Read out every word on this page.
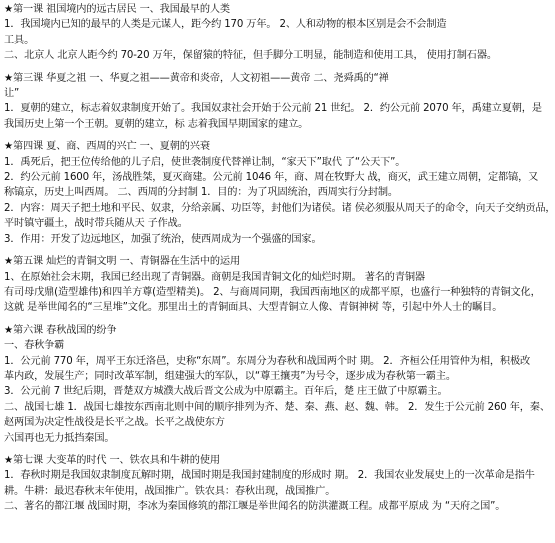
★第一课 祖国境内的远古居民 一、我国最早的人类
1．我国境内已知的最早的人类是元谋人，距今约 170 万年。 2、人和动物的根本区别是会不会制造
工具。
二、北京人 北京人距今约 70-20 万年，保留猿的特征，但手脚分工明显，能制造和使用工具， 使用打制石器。
★第三课 华夏之祖 一、华夏之祖——黄帝和炎帝，人文初祖——黄帝 二、尧舜禹的“禅
让”
1．夏朝的建立，标志着奴隶制度开始了。我国奴隶社会开始于公元前 21 世纪。 2．约公元前 2070 年，禹建立夏朝，是
我国历史上第一个王朝。夏朝的建立，标 志着我国早期国家的建立。
★第四课 夏、商、西周的兴亡 一、夏朝的兴衰
1．禹死后，把王位传给他的儿子启，使世袭制度代替禅让制，“家天下”取代 了“公天下”。
2．约公元前 1600 年，汤战胜桀，夏灭商建。公元前 1046 年，商、周在牧野大 战，商灭，武王建立周朝，定都镐，又
称镐京，历史上叫西周。 二、西周的分封制 1．目的：为了巩固统治，西周实行分封制。
2．内容：周天子把土地和平民、奴隶，分给亲属、功臣等，封他们为诸侯。诸 侯必须服从周天子的命令，向天子交纳贡品，
平时镇守疆土，战时带兵随从天 子作战。
3．作用：开发了边远地区，加强了统治，使西周成为一个强盛的国家。
★第五课 灿烂的青铜文明 一、青铜器在生活中的运用
1、在原始社会末期，我国已经出现了青铜器。商朝是我国青铜文化的灿烂时期。 著名的青铜器
有司母戊鼎(造型雄伟)和四羊方尊(造型精美)。 2、与商周同期，我国西南地区的成都平原，也盛行一种独特的青铜文化，
这就 是举世闻名的“三星堆”文化。那里出土的青铜面具、大型青铜立人像、青铜神树 等，引起中外人士的瞩目。
★第六课 春秋战国的纷争
一、春秋争霸
1．公元前 770 年，周平王东迁洛邑，史称“东周”。东周分为春秋和战国两个时 期。 2．齐桓公任用管仲为相，积极改
革内政，发展生产；同时改革军制，组建强大的军队，以“尊王攘夷”为号令，逐步成为春秋第一霸主。
3．公元前 7 世纪后期，晋楚双方城濮大战后晋文公成为中原霸主。百年后，楚 庄王做了中原霸主。
二、战国七雄 1．战国七雄按东西南北则中间的顺序排列为齐、楚、秦、燕、赵、魏、韩。 2．发生于公元前 260 年，秦、
赵两国为决定性战役是长平之战。长平之战使东方
六国再也无力抵挡秦国。
★第七课 大变革的时代 一、铁农具和牛耕的使用
1．春秋时期是我国奴隶制度瓦解时期，战国时期是我国封建制度的形成时 期。 2．我国农业发展史上的一次革命是指牛
耕。牛耕：最迟春秋末年使用，战国推广。铁农具：春秋出现，战国推广。
二、著名的都江堰 战国时期，李冰为秦国修筑的都江堰是举世闻名的防洪灌溉工程。成都平原成 为 “天府之国”。
